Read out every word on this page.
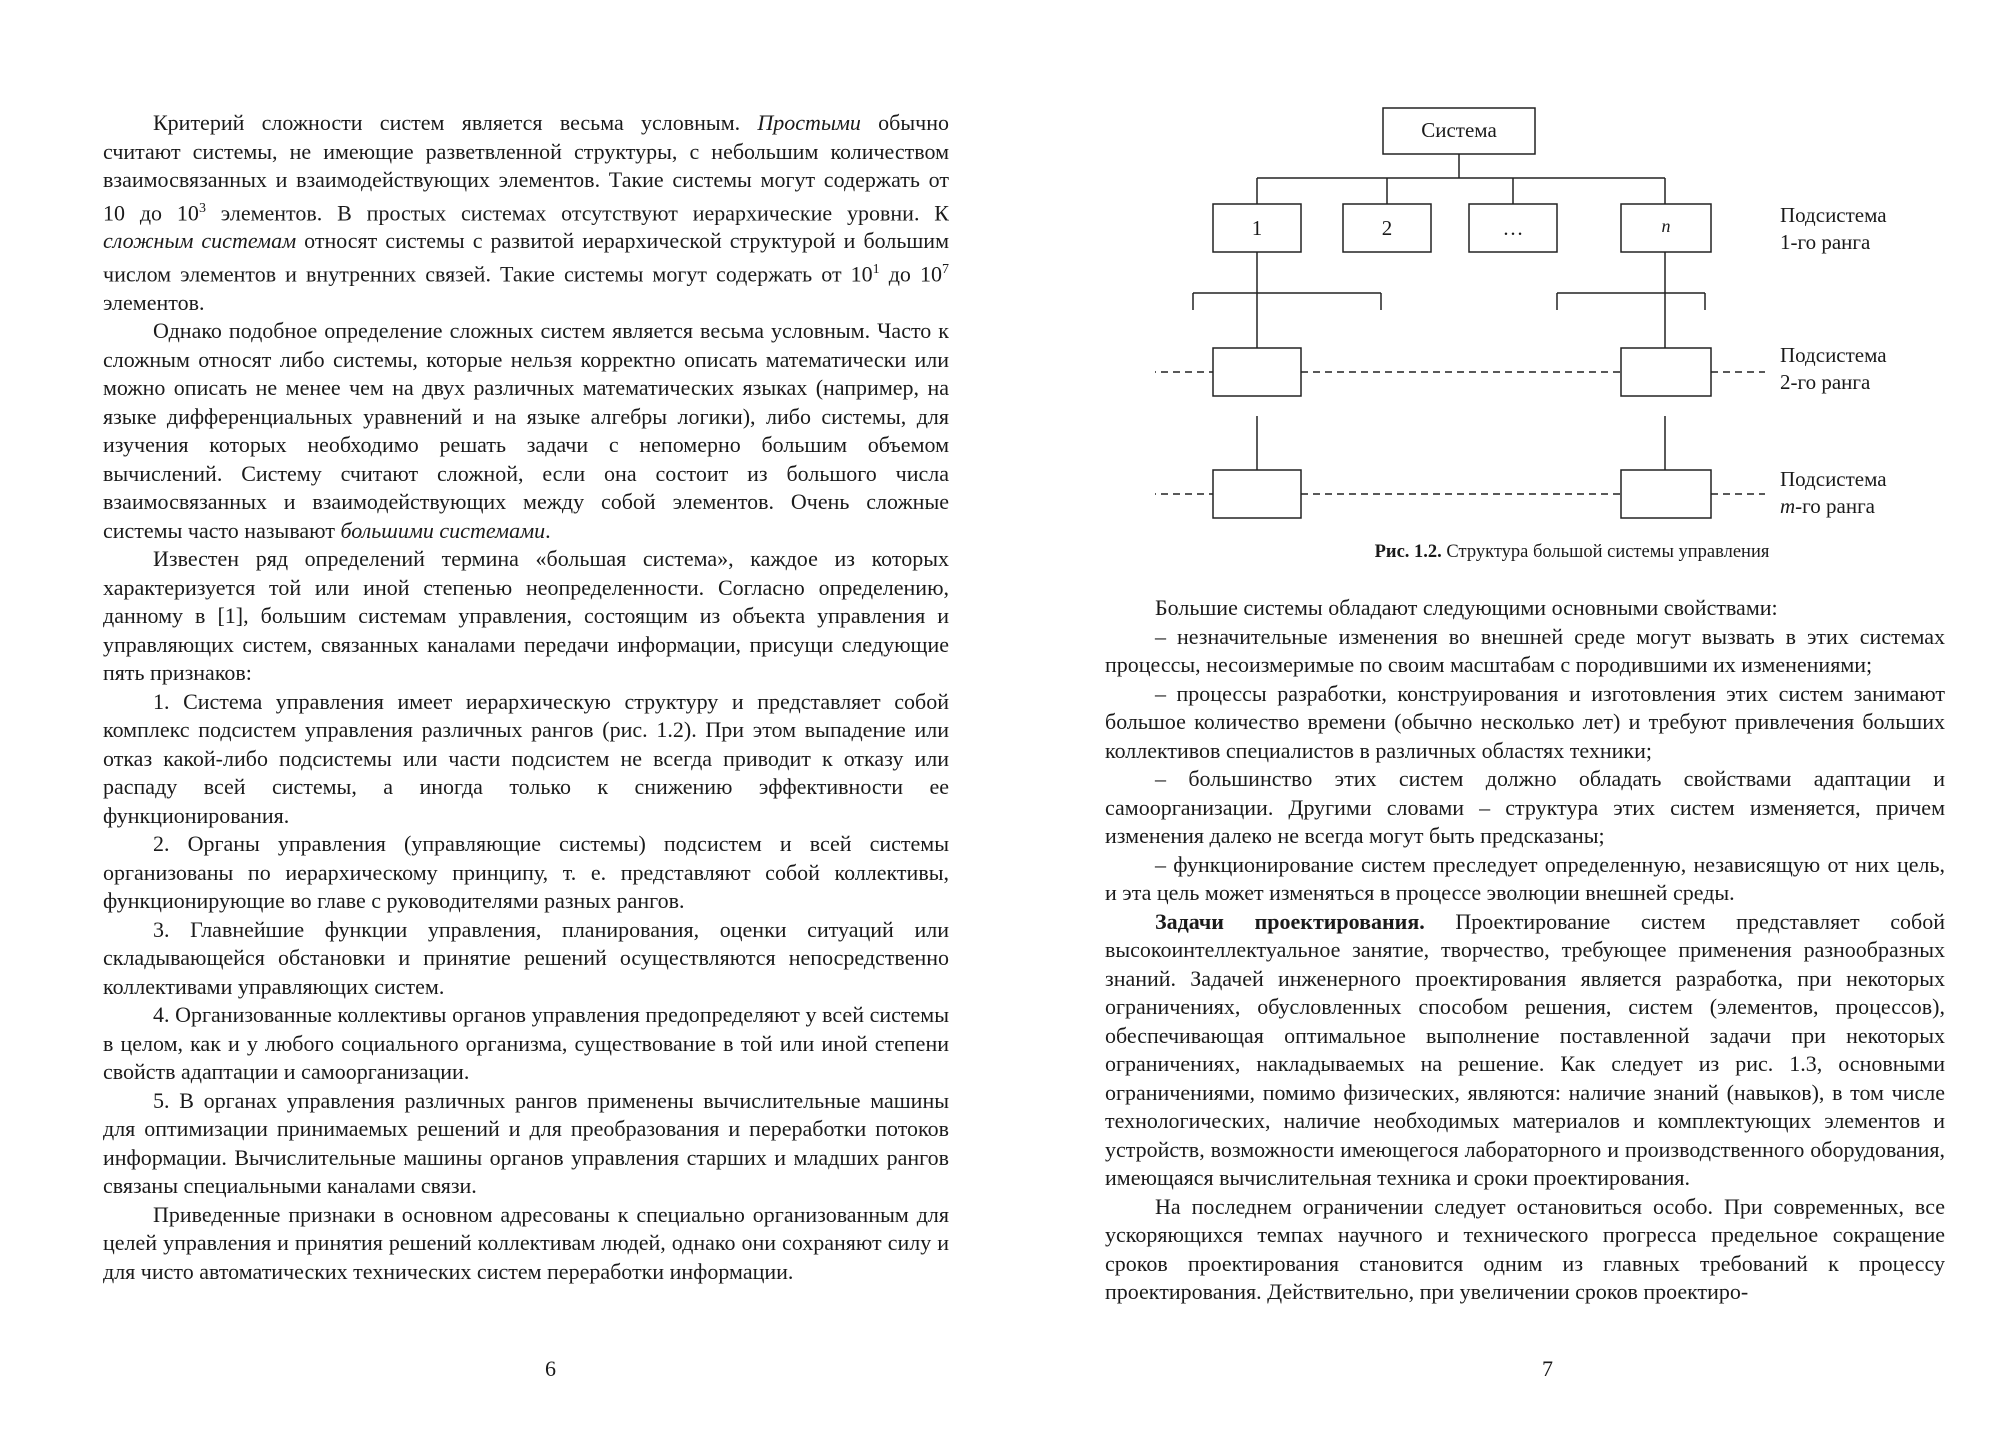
Критерий сложности систем является весьма условным. Простыми обычно считают системы, не имеющие разветвленной структуры, с небольшим количеством взаимосвязанных и взаимодействующих элементов. Такие системы могут содержать от 10 до $10^3$ элементов. В простых системах отсутствуют иерархические уровни. К сложным системам относят системы с развитой иерархической структурой и большим числом элементов и внутренних связей. Такие системы могут содержать от $10^1$ до $10^7$ элементов.

Однако подобное определение сложных систем является весьма условным. Часто к сложным относят либо системы, которые нельзя корректно описать математически или можно описать не менее чем на двух различных математических языках (например, на языке дифференциальных уравнений и на языке алгебры логики), либо системы, для изучения которых необходимо решать задачи с непомерно большим объемом вычислений. Систему считают сложной, если она состоит из большого числа взаимосвязанных и взаимодействующих между собой элементов. Очень сложные системы часто называют большими системами.

Известен ряд определений термина «большая система», каждое из которых характеризуется той или иной степенью неопределенности. Согласно определению, данному в [1], большим системам управления, состоящим из объекта управления и управляющих систем, связанных каналами передачи информации, присущи следующие пять признаков:

1. Система управления имеет иерархическую структуру и представляет собой комплекс подсистем управления различных рангов (рис. 1.2). При этом выпадение или отказ какой-либо подсистемы или части подсистем не всегда приводит к отказу или распаду всей системы, а иногда только к снижению эффективности ее функционирования.

2. Органы управления (управляющие системы) подсистем и всей системы организованы по иерархическому принципу, т. е. представляют собой коллективы, функционирующие во главе с руководителями разных рангов.

3. Главнейшие функции управления, планирования, оценки ситуаций или складывающейся обстановки и принятие решений осуществляются непосредственно коллективами управляющих систем.

4. Организованные коллективы органов управления предопределяют у всей системы в целом, как и у любого социального организма, существование в той или иной степени свойств адаптации и самоорганизации.

5. В органах управления различных рангов применены вычислительные машины для оптимизации принимаемых решений и для преобразования и переработки потоков информации. Вычислительные машины органов управления старших и младших рангов связаны специальными каналами связи.

Приведенные признаки в основном адресованы к специально организованным для целей управления и принятия решений коллективам людей, однако они сохраняют силу и для чисто автоматических технических систем переработки информации.

6
Система
1	2	…	n	Подсистема
1-го ранга
Подсистема
2-го ранга
Подсистема
m-го ранга
Рис. 1.2. Структура большой системы управления

Большие системы обладают следующими основными свойствами:

– незначительные изменения во внешней среде могут вызвать в этих системах процессы, несоизмеримые по своим масштабам с породившими их изменениями;

– процессы разработки, конструирования и изготовления этих систем занимают большое количество времени (обычно несколько лет) и требуют привлечения больших коллективов специалистов в различных областях техники;

– большинство этих систем должно обладать свойствами адаптации и самоорганизации. Другими словами – структура этих систем изменяется, причем изменения далеко не всегда могут быть предсказаны;

– функционирование систем преследует определенную, независящую от них цель, и эта цель может изменяться в процессе эволюции внешней среды.

Задачи проектирования. Проектирование систем представляет собой высокоинтеллектуальное занятие, творчество, требующее применения разнообразных знаний. Задачей инженерного проектирования является разработка, при некоторых ограничениях, обусловленных способом решения, систем (элементов, процессов), обеспечивающая оптимальное выполнение поставленной задачи при некоторых ограничениях, накладываемых на решение. Как следует из рис. 1.3, основными ограничениями, помимо физических, являются: наличие знаний (навыков), в том числе технологических, наличие необходимых материалов и комплектующих элементов и устройств, возможности имеющегося лабораторного и производственного оборудования, имеющаяся вычислительная техника и сроки проектирования.

На последнем ограничении следует остановиться особо. При современных, все ускоряющихся темпах научного и технического прогресса предельное сокращение сроков проектирования становится одним из главных требований к процессу проектирования. Действительно, при увеличении сроков проектиро-

7
